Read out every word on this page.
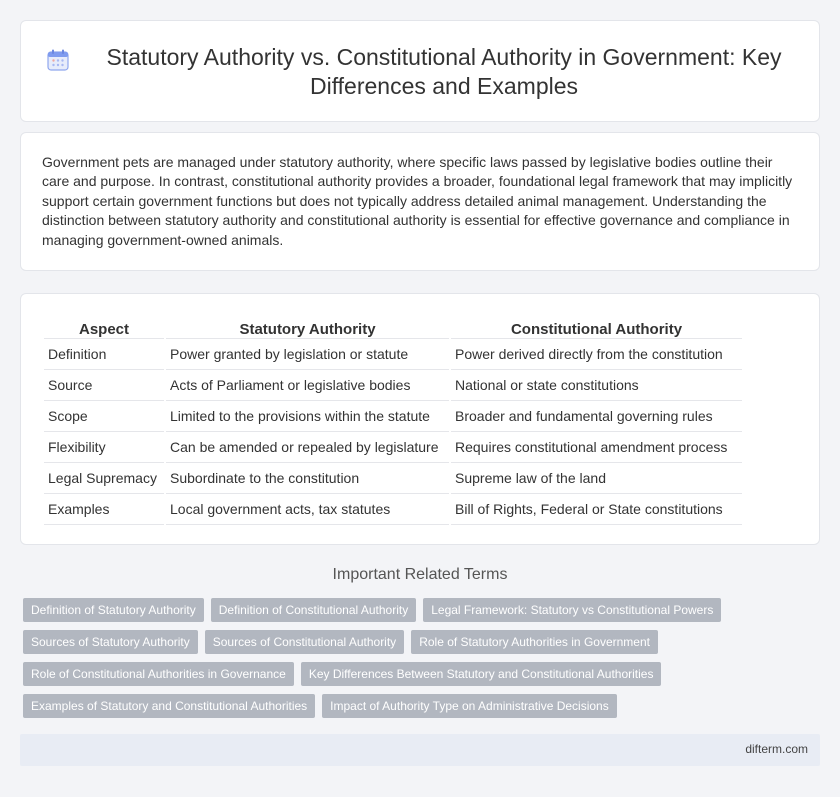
Statutory Authority vs. Constitutional Authority in Government: Key Differences and Examples

Government pets are managed under statutory authority, where specific laws passed by legislative bodies outline their care and purpose. In contrast, constitutional authority provides a broader, foundational legal framework that may implicitly support certain government functions but does not typically address detailed animal management. Understanding the distinction between statutory authority and constitutional authority is essential for effective governance and compliance in managing government-owned animals.

Aspect	Statutory Authority	Constitutional Authority
Definition	Power granted by legislation or statute	Power derived directly from the constitution
Source	Acts of Parliament or legislative bodies	National or state constitutions
Scope	Limited to the provisions within the statute	Broader and fundamental governing rules
Flexibility	Can be amended or repealed by legislature	Requires constitutional amendment process
Legal Supremacy	Subordinate to the constitution	Supreme law of the land
Examples	Local government acts, tax statutes	Bill of Rights, Federal or State constitutions
Important Related Terms
Definition of Statutory Authority	Definition of Constitutional Authority	Legal Framework: Statutory vs Constitutional Powers
Sources of Statutory Authority	Sources of Constitutional Authority	Role of Statutory Authorities in Government
Role of Constitutional Authorities in Governance	Key Differences Between Statutory and Constitutional Authorities
Examples of Statutory and Constitutional Authorities	Impact of Authority Type on Administrative Decisions
difterm.com
